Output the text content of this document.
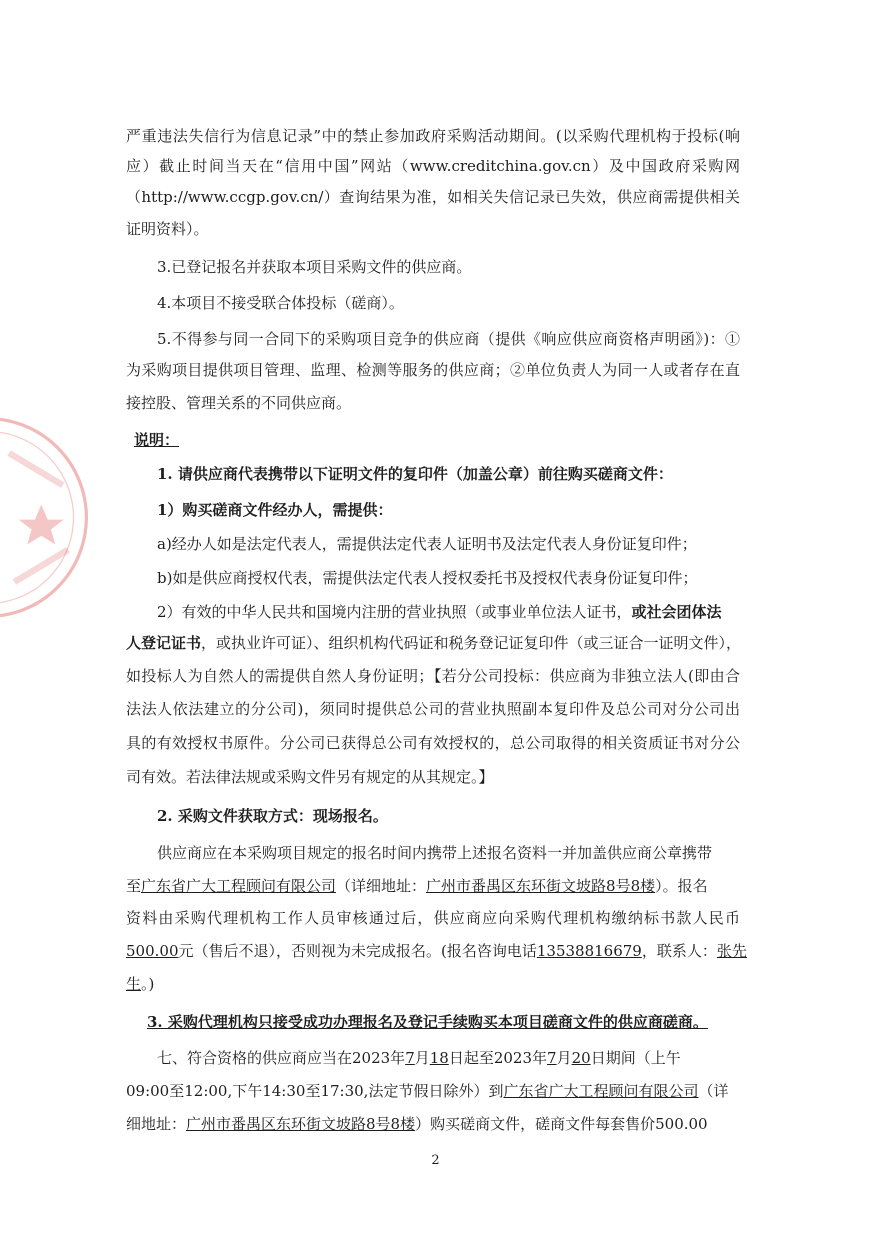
严重违法失信行为信息记录”中的禁止参加政府采购活动期间。(以采购代理机构于投标(响
应）截止时间当天在“信用中国”网站（www.creditchina.gov.cn）及中国政府采购网
（http://www.ccgp.gov.cn/）查询结果为准，如相关失信记录已失效，供应商需提供相关
证明资料）。
3.已登记报名并获取本项目采购文件的供应商。
4.本项目不接受联合体投标（磋商）。
5.不得参与同一合同下的采购项目竞争的供应商（提供《响应供应商资格声明函》)：①
为采购项目提供项目管理、监理、检测等服务的供应商；②单位负责人为同一人或者存在直
接控股、管理关系的不同供应商。
说明：
1. 请供应商代表携带以下证明文件的复印件（加盖公章）前往购买磋商文件：
1）购买磋商文件经办人，需提供：
a)经办人如是法定代表人，需提供法定代表人证明书及法定代表人身份证复印件；
b)如是供应商授权代表，需提供法定代表人授权委托书及授权代表身份证复印件；
2）有效的中华人民共和国境内注册的营业执照（或事业单位法人证书，或社会团体法
人登记证书，或执业许可证）、组织机构代码证和税务登记证复印件（或三证合一证明文件），
如投标人为自然人的需提供自然人身份证明；【若分公司投标：供应商为非独立法人(即由合
法法人依法建立的分公司)，须同时提供总公司的营业执照副本复印件及总公司对分公司出
具的有效授权书原件。分公司已获得总公司有效授权的，总公司取得的相关资质证书对分公
司有效。若法律法规或采购文件另有规定的从其规定。】
2. 采购文件获取方式：现场报名。
供应商应在本采购项目规定的报名时间内携带上述报名资料一并加盖供应商公章携带
至广东省广大工程顾问有限公司（详细地址：广州市番禺区东环街文坡路8号8楼）。报名
资料由采购代理机构工作人员审核通过后，供应商应向采购代理机构缴纳标书款人民币
500.00元（售后不退），否则视为未完成报名。(报名咨询电话13538816679，联系人：张先
生。)
3. 采购代理机构只接受成功办理报名及登记手续购买本项目磋商文件的供应商磋商。
七、符合资格的供应商应当在2023年7月18日起至2023年7月20日期间（上午
09:00至12:00,下午14:30至17:30,法定节假日除外）到广东省广大工程顾问有限公司（详
细地址：广州市番禺区东环街文坡路8号8楼）购买磋商文件，磋商文件每套售价500.00
2
